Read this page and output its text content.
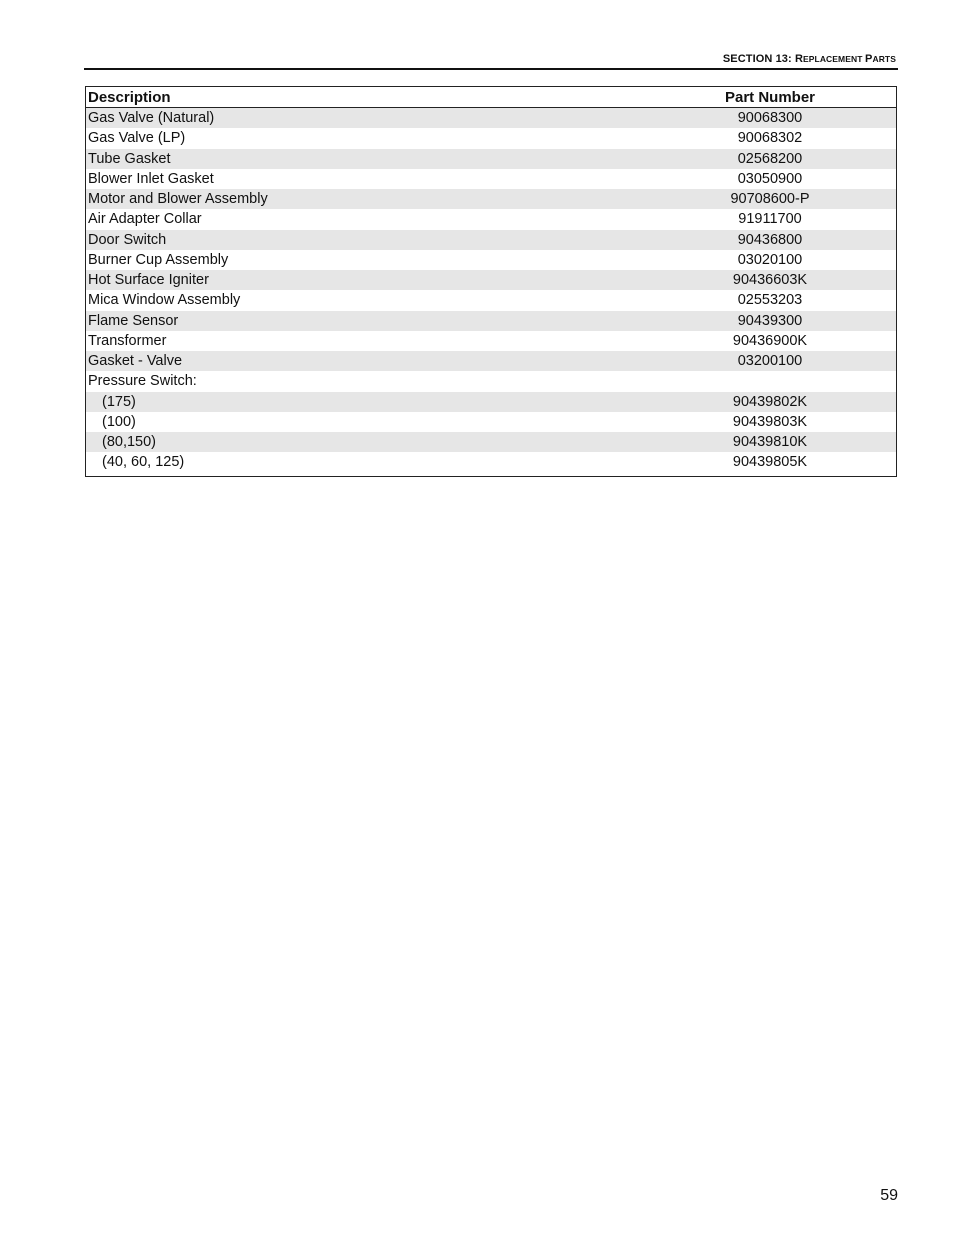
SECTION 13: REPLACEMENT PARTS
Description	Part Number
Gas Valve (Natural)	90068300
Gas Valve (LP)	90068302
Tube Gasket	02568200
Blower Inlet Gasket	03050900
Motor and Blower Assembly	90708600-P
Air Adapter Collar	91911700
Door Switch	90436800
Burner Cup Assembly	03020100
Hot Surface Igniter	90436603K
Mica Window Assembly	02553203
Flame Sensor	90439300
Transformer	90436900K
Gasket - Valve	03200100
Pressure Switch:
(175)	90439802K
(100)	90439803K
(80,150)	90439810K
(40, 60, 125)	90439805K
59
